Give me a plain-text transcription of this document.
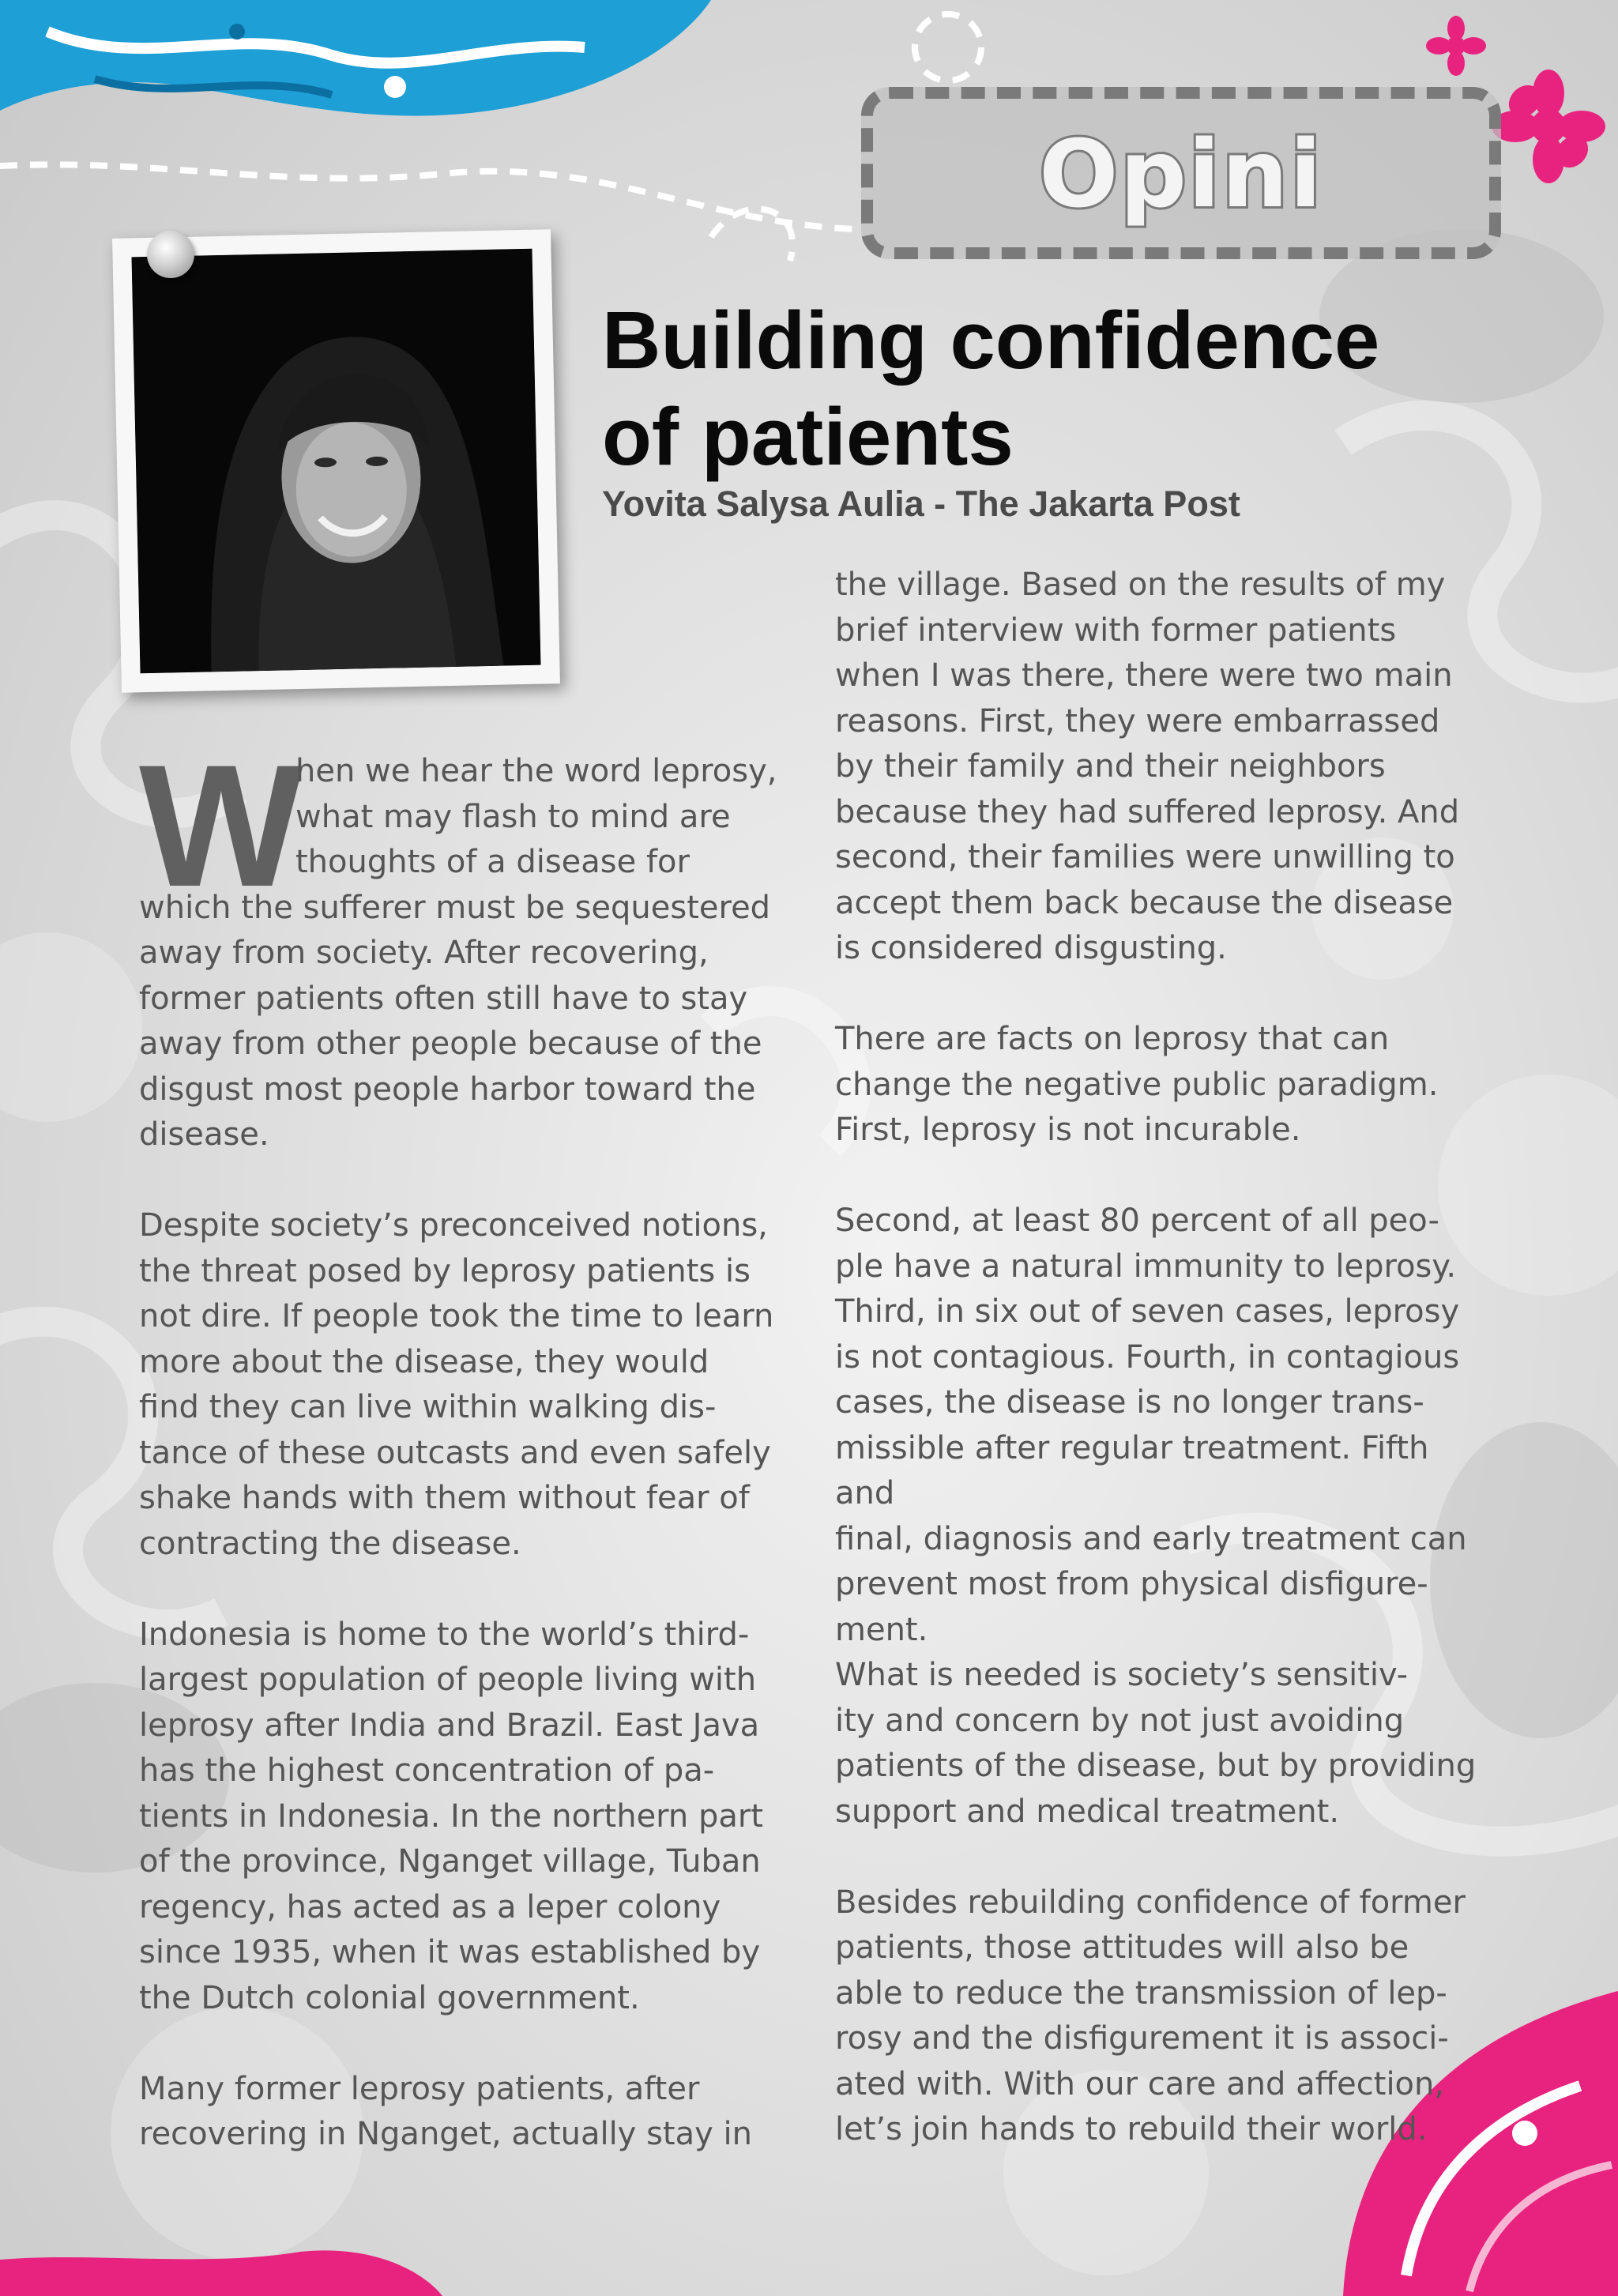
Opini
Building confidence
of patients

Yovita Salysa Aulia - The Jakarta Post

W

hen we hear the word leprosy,

what may flash to mind are

thoughts of a disease for

which the sufferer must be sequestered

away from society. After recovering,

former patients often still have to stay

away from other people because of the

disgust most people harbor toward the

disease.

Despite society’s preconceived notions,

the threat posed by leprosy patients is

not dire. If people took the time to learn

more about the disease, they would

find they can live within walking dis-

tance of these outcasts and even safely

shake hands with them without fear of

contracting the disease.

Indonesia is home to the world’s third-

largest population of people living with

leprosy after India and Brazil. East Java

has the highest concentration of pa-

tients in Indonesia. In the northern part

of the province, Nganget village, Tuban

regency, has acted as a leper colony

since 1935, when it was established by

the Dutch colonial government.

Many former leprosy patients, after

recovering in Nganget, actually stay in

the village. Based on the results of my

brief interview with former patients

when I was there, there were two main

reasons. First, they were embarrassed

by their family and their neighbors

because they had suffered leprosy. And

second, their families were unwilling to

accept them back because the disease

is considered disgusting.

There are facts on leprosy that can

change the negative public paradigm.

First, leprosy is not incurable.

Second, at least 80 percent of all peo-

ple have a natural immunity to leprosy.

Third, in six out of seven cases, leprosy

is not contagious. Fourth, in contagious

cases, the disease is no longer trans-

missible after regular treatment. Fifth

and

final, diagnosis and early treatment can

prevent most from physical disfigure-

ment.

What is needed is society’s sensitiv-

ity and concern by not just avoiding

patients of the disease, but by providing

support and medical treatment.

Besides rebuilding confidence of former

patients, those attitudes will also be

able to reduce the transmission of lep-

rosy and the disfigurement it is associ-

ated with. With our care and affection,

let’s join hands to rebuild their world.
